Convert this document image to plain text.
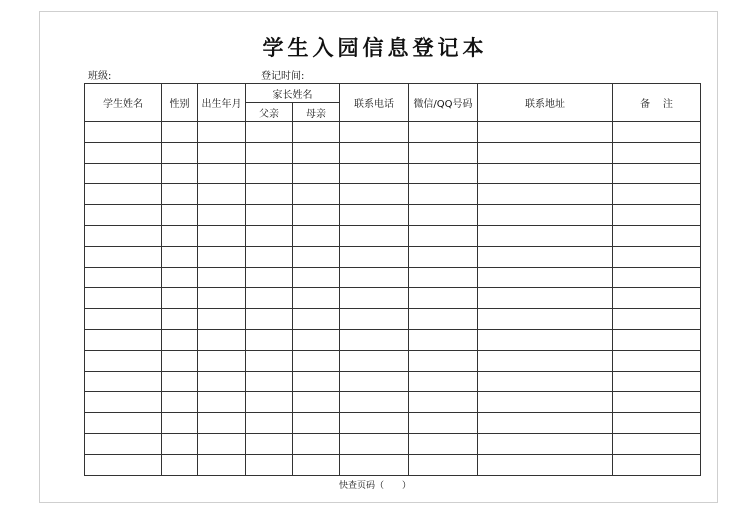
学生入园信息登记本
班级:	登记时间:
学生姓名	性别	出生年月	家长姓名		联系电话	微信/QQ号码	联系地址	备    注
			父亲	母亲				

快查页码（　　）
